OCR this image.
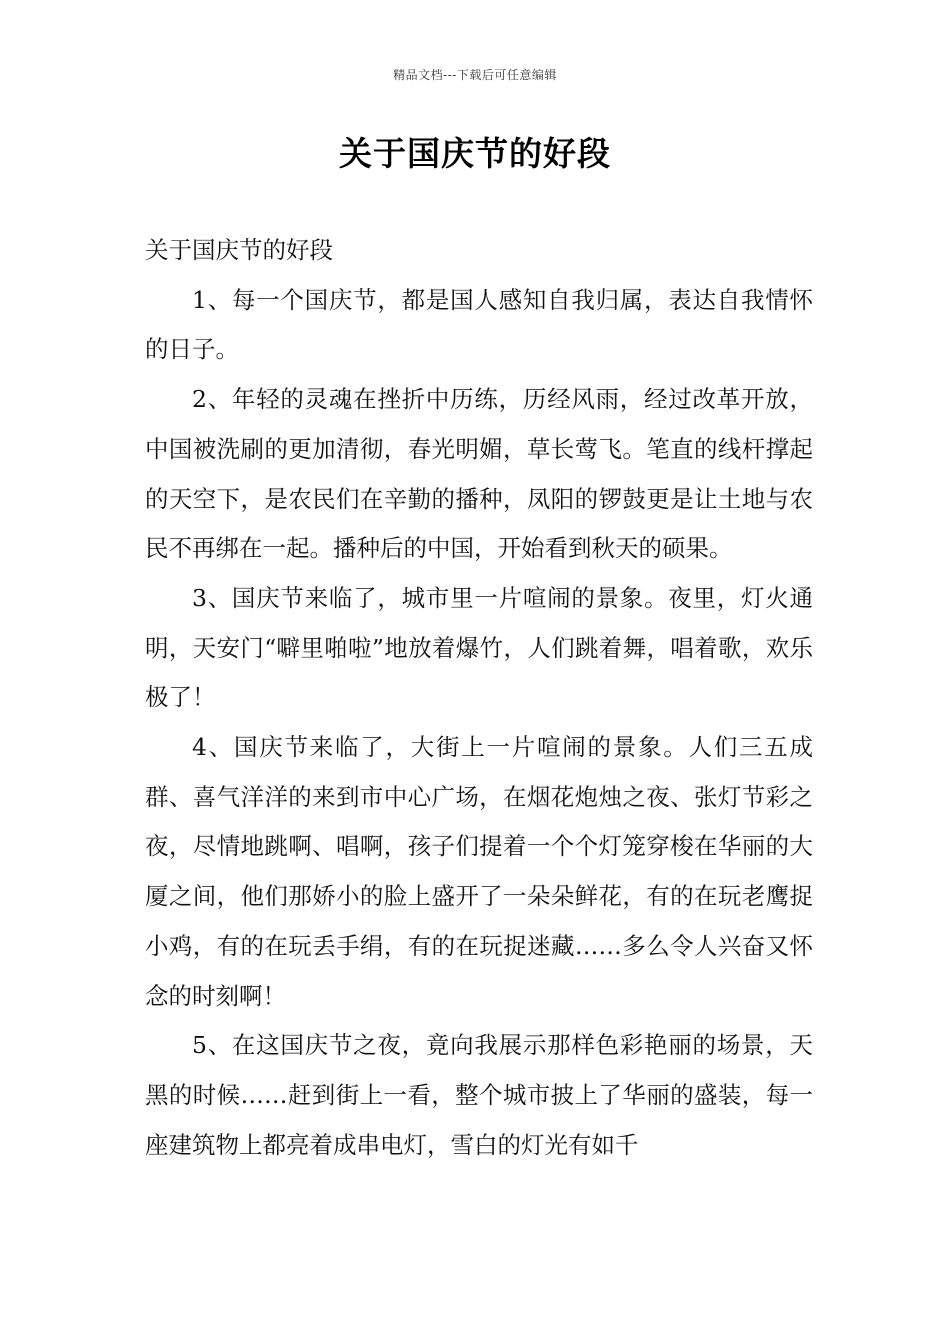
精品文档---下载后可任意编辑
关于国庆节的好段

关于国庆节的好段

1、每一个国庆节，都是国人感知自我归属，表达自我情怀的日子。

2、年轻的灵魂在挫折中历练，历经风雨，经过改革开放，中国被洗刷的更加清彻，春光明媚，草长莺飞。笔直的线杆撑起的天空下，是农民们在辛勤的播种，凤阳的锣鼓更是让土地与农民不再绑在一起。播种后的中国，开始看到秋天的硕果。

3、国庆节来临了，城市里一片喧闹的景象。夜里，灯火通明，天安门“噼里啪啦”地放着爆竹，人们跳着舞，唱着歌，欢乐极了！

4、国庆节来临了，大街上一片喧闹的景象。人们三五成群、喜气洋洋的来到市中心广场，在烟花炮烛之夜、张灯节彩之夜，尽情地跳啊、唱啊，孩子们提着一个个灯笼穿梭在华丽的大厦之间，他们那娇小的脸上盛开了一朵朵鲜花，有的在玩老鹰捉小鸡，有的在玩丢手绢，有的在玩捉迷藏……多么令人兴奋又怀念的时刻啊！

5、在这国庆节之夜，竟向我展示那样色彩艳丽的场景，天黑的时候……赶到街上一看，整个城市披上了华丽的盛装，每一座建筑物上都亮着成串电灯，雪白的灯光有如千
